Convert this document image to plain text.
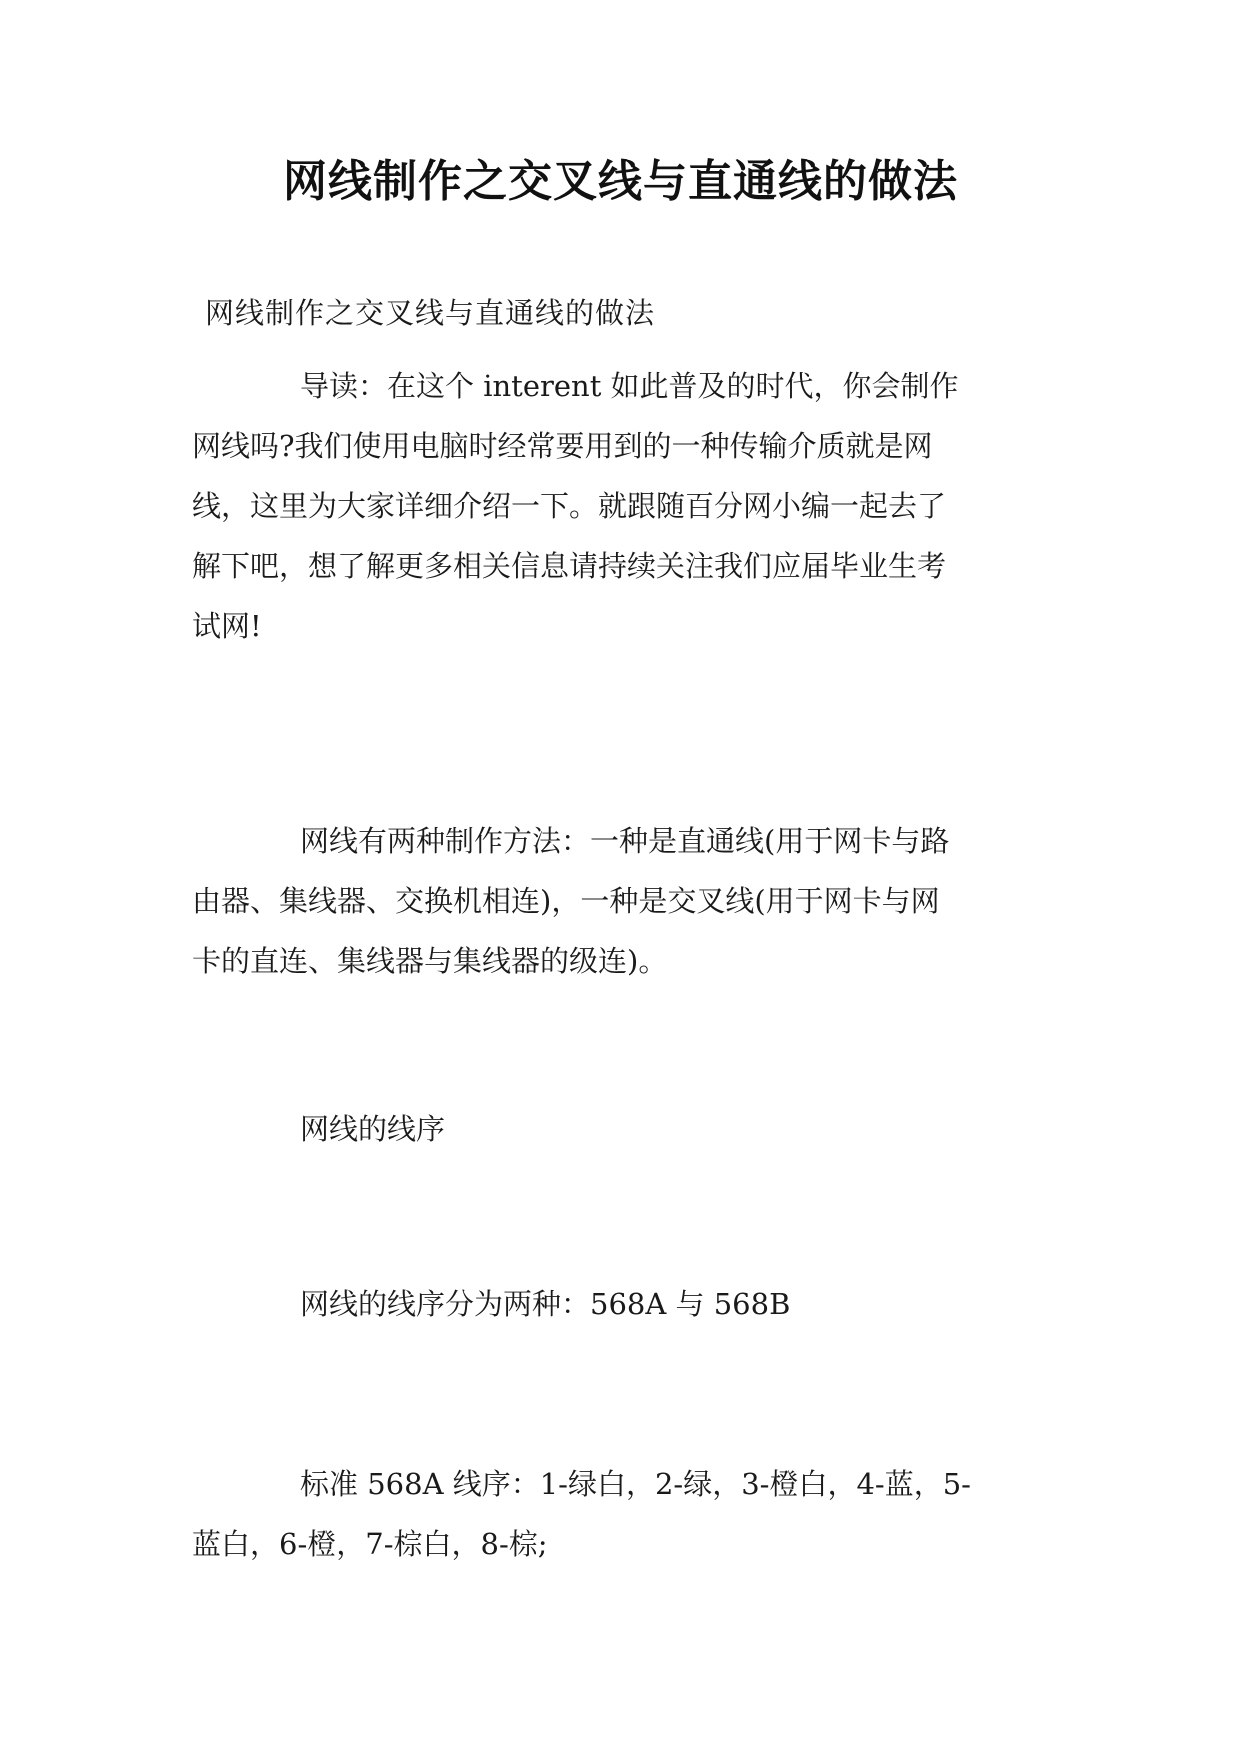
网线制作之交叉线与直通线的做法
网线制作之交叉线与直通线的做法
导读：在这个 interent 如此普及的时代，你会制作
网线吗?我们使用电脑时经常要用到的一种传输介质就是网
线，这里为大家详细介绍一下。就跟随百分网小编一起去了
解下吧，想了解更多相关信息请持续关注我们应届毕业生考
试网!
网线有两种制作方法：一种是直通线(用于网卡与路
由器、集线器、交换机相连)，一种是交叉线(用于网卡与网
卡的直连、集线器与集线器的级连)。
网线的线序
网线的线序分为两种：568A 与 568B
标准 568A 线序：1-绿白，2-绿，3-橙白，4-蓝，5-
蓝白，6-橙，7-棕白，8-棕;
